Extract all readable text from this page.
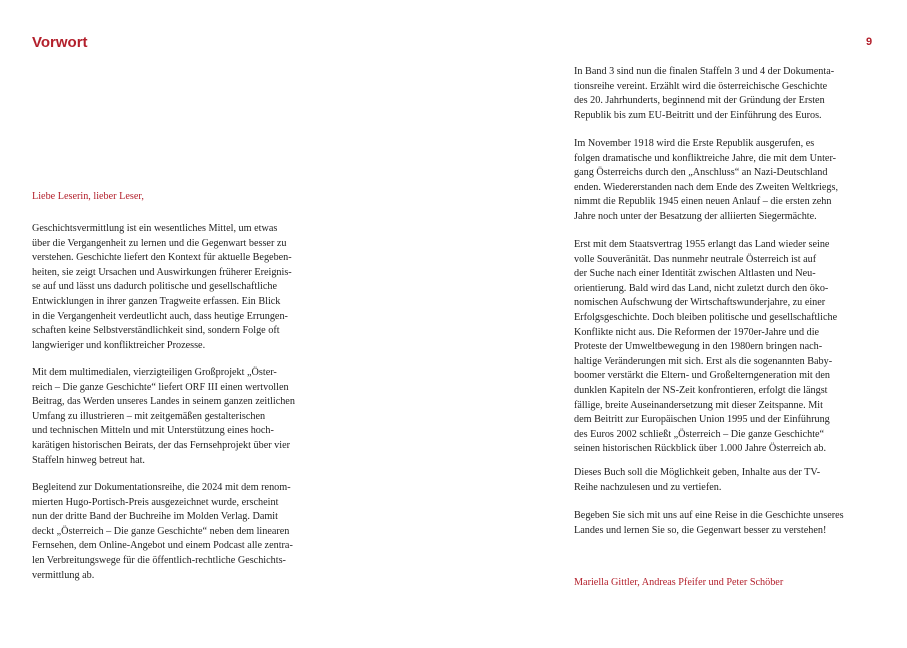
Vorwort	9

Liebe Leserin, lieber Leser,

Geschichtsvermittlung ist ein wesentliches Mittel, um etwas
über die Vergangenheit zu lernen und die Gegenwart besser zu
verstehen. Geschichte liefert den Kontext für aktuelle Begeben-
heiten, sie zeigt Ursachen und Auswirkungen früherer Ereignis-
se auf und lässt uns dadurch politische und gesellschaftliche
Entwicklungen in ihrer ganzen Tragweite erfassen. Ein Blick
in die Vergangenheit verdeutlicht auch, dass heutige Errungen-
schaften keine Selbstverständlichkeit sind, sondern Folge oft
langwieriger und konfliktreicher Prozesse.

Mit dem multimedialen, vierzigteiligen Großprojekt „Öster-
reich – Die ganze Geschichte“ liefert ORF III einen wertvollen
Beitrag, das Werden unseres Landes in seinem ganzen zeitlichen
Umfang zu illustrieren – mit zeitgemäßen gestalterischen
und technischen Mitteln und mit Unterstützung eines hoch-
karätigen historischen Beirats, der das Fernsehprojekt über vier
Staffeln hinweg betreut hat.

Begleitend zur Dokumentationsreihe, die 2024 mit dem renom-
mierten Hugo-Portisch-Preis ausgezeichnet wurde, erscheint
nun der dritte Band der Buchreihe im Molden Verlag. Damit
deckt „Österreich – Die ganze Geschichte“ neben dem linearen
Fernsehen, dem Online-Angebot und einem Podcast alle zentra-
len Verbreitungswege für die öffentlich-rechtliche Geschichts-
vermittlung ab.

In Band 3 sind nun die finalen Staffeln 3 und 4 der Dokumenta-
tionsreihe vereint. Erzählt wird die österreichische Geschichte
des 20. Jahrhunderts, beginnend mit der Gründung der Ersten
Republik bis zum EU-Beitritt und der Einführung des Euros.

Im November 1918 wird die Erste Republik ausgerufen, es
folgen dramatische und konfliktreiche Jahre, die mit dem Unter-
gang Österreichs durch den „Anschluss“ an Nazi-Deutschland
enden. Wiedererstanden nach dem Ende des Zweiten Weltkriegs,
nimmt die Republik 1945 einen neuen Anlauf – die ersten zehn
Jahre noch unter der Besatzung der alliierten Siegermächte.

Erst mit dem Staatsvertrag 1955 erlangt das Land wieder seine
volle Souveränität. Das nunmehr neutrale Österreich ist auf
der Suche nach einer Identität zwischen Altlasten und Neu-
orientierung. Bald wird das Land, nicht zuletzt durch den öko-
nomischen Aufschwung der Wirtschaftswunderjahre, zu einer
Erfolgsgeschichte. Doch bleiben politische und gesellschaftliche
Konflikte nicht aus. Die Reformen der 1970er-Jahre und die
Proteste der Umweltbewegung in den 1980ern bringen nach-
haltige Veränderungen mit sich. Erst als die sogenannten Baby-
boomer verstärkt die Eltern- und Großelterngeneration mit den
dunklen Kapiteln der NS-Zeit konfrontieren, erfolgt die längst
fällige, breite Auseinandersetzung mit dieser Zeitspanne. Mit
dem Beitritt zur Europäischen Union 1995 und der Einführung
des Euros 2002 schließt „Österreich – Die ganze Geschichte“
seinen historischen Rückblick über 1.000 Jahre Österreich ab.

Dieses Buch soll die Möglichkeit geben, Inhalte aus der TV-
Reihe nachzulesen und zu vertiefen.

Begeben Sie sich mit uns auf eine Reise in die Geschichte unseres
Landes und lernen Sie so, die Gegenwart besser zu verstehen!

Mariella Gittler, Andreas Pfeifer und Peter Schöber
